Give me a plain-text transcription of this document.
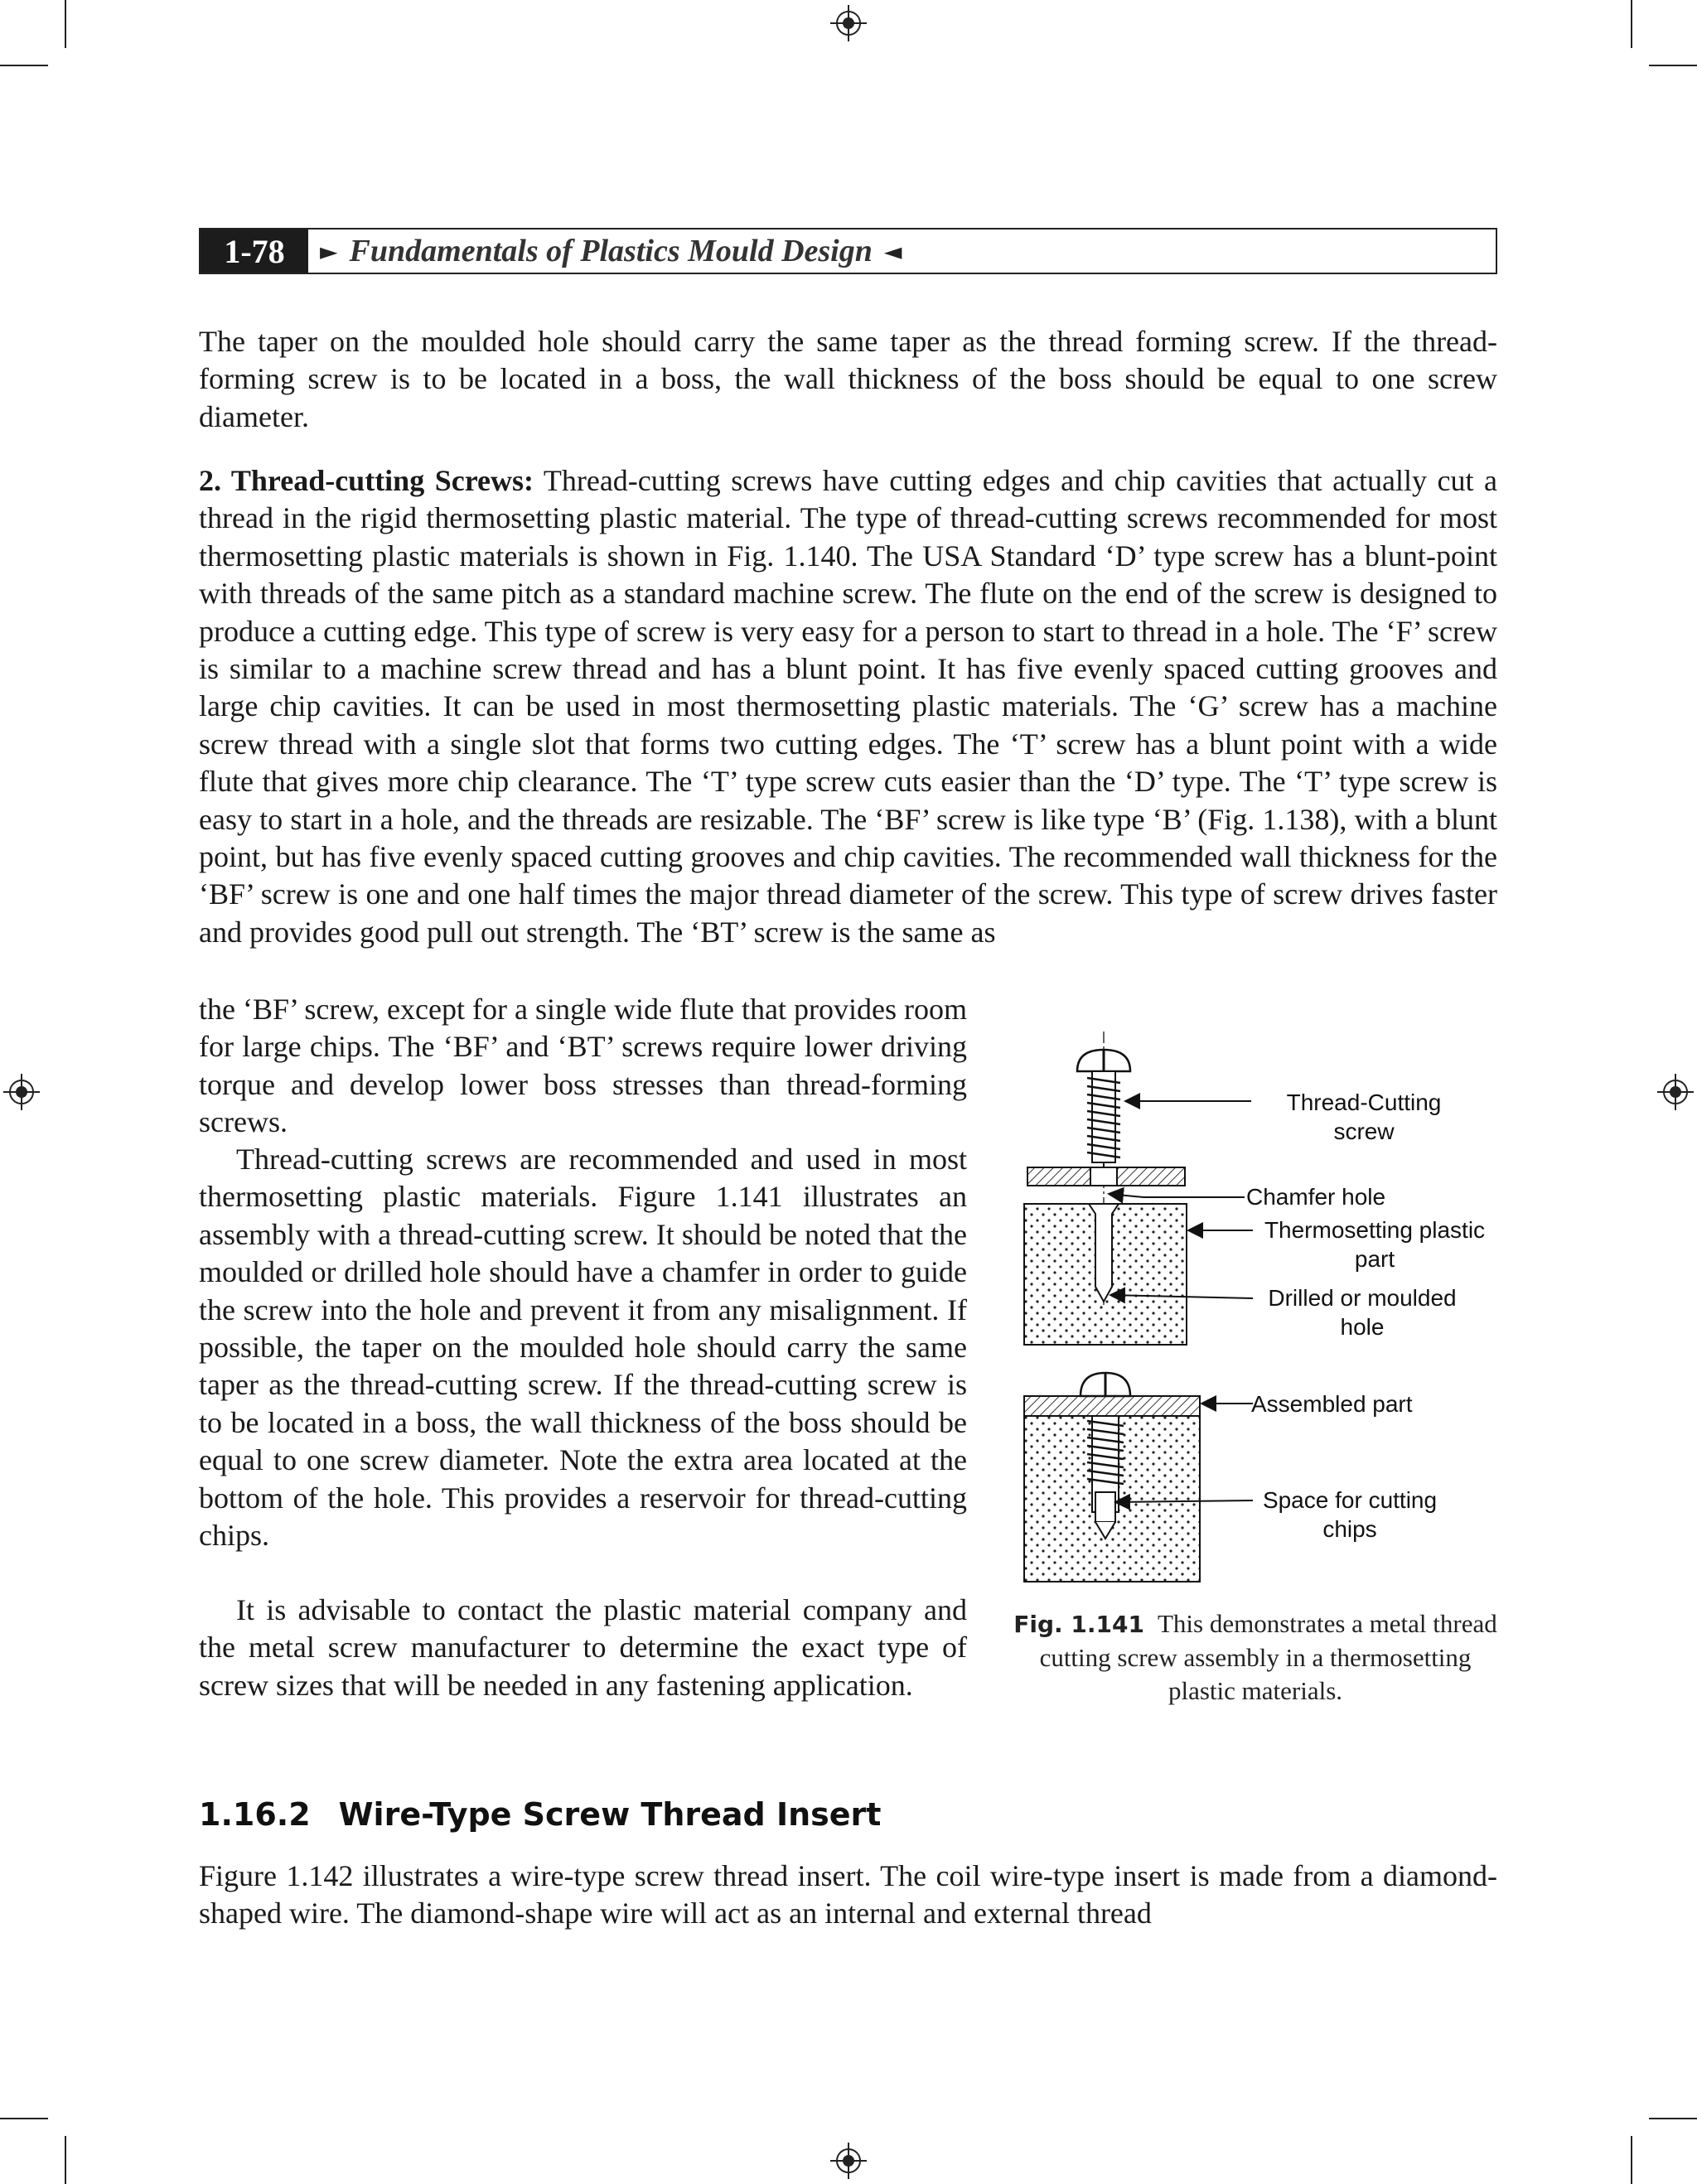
1-78	► Fundamentals of Plastics Mould Design ◄

The taper on the moulded hole should carry the same taper as the thread forming screw. If the thread-forming screw is to be located in a boss, the wall thickness of the boss should be equal to one screw diameter.

2. Thread-cutting Screws: Thread-cutting screws have cutting edges and chip cavities that actually cut a thread in the rigid thermosetting plastic material. The type of thread-cutting screws recommended for most thermosetting plastic materials is shown in Fig. 1.140. The USA Standard ‘D’ type screw has a blunt-point with threads of the same pitch as a standard machine screw. The flute on the end of the screw is designed to produce a cutting edge. This type of screw is very easy for a person to start to thread in a hole. The ‘F’ screw is similar to a machine screw thread and has a blunt point. It has five evenly spaced cutting grooves and large chip cavities. It can be used in most thermosetting plastic materials. The ‘G’ screw has a machine screw thread with a single slot that forms two cutting edges. The ‘T’ screw has a blunt point with a wide flute that gives more chip clearance. The ‘T’ type screw cuts easier than the ‘D’ type. The ‘T’ type screw is easy to start in a hole, and the threads are resizable. The ‘BF’ screw is like type ‘B’ (Fig. 1.138), with a blunt point, but has five evenly spaced cutting grooves and chip cavities. The recommended wall thickness for the ‘BF’ screw is one and one half times the major thread diameter of the screw. This type of screw drives faster and provides good pull out strength. The ‘BT’ screw is the same as

the ‘BF’ screw, except for a single wide flute that provides room for large chips. The ‘BF’ and ‘BT’ screws require lower driving torque and develop lower boss stresses than thread-forming screws.

Thread-cutting screws are recommended and used in most thermosetting plastic materials. Figure 1.141 illustrates an assembly with a thread-cutting screw. It should be noted that the moulded or drilled hole should have a chamfer in order to guide the screw into the hole and prevent it from any misalignment. If possible, the taper on the moulded hole should carry the same taper as the thread-cutting screw. If the thread-cutting screw is to be located in a boss, the wall thickness of the boss should be equal to one screw diameter. Note the extra area located at the bottom of the hole. This provides a reservoir for thread-cutting chips.

It is advisable to contact the plastic material company and the metal screw manufacturer to determine the exact type of screw sizes that will be needed in any fastening application.

1.16.2 Wire-Type Screw Thread Insert

Figure 1.142 illustrates a wire-type screw thread insert. The coil wire-type insert is made from a diamond-shaped wire. The diamond-shape wire will act as an internal and external thread

Thread-Cutting
screw
Chamfer hole
Thermosetting plastic
part
Drilled or moulded
hole
Assembled part
Space for cutting
chips
Fig. 1.141 This demonstrates a metal thread cutting screw assembly in a thermosetting plastic materials.
